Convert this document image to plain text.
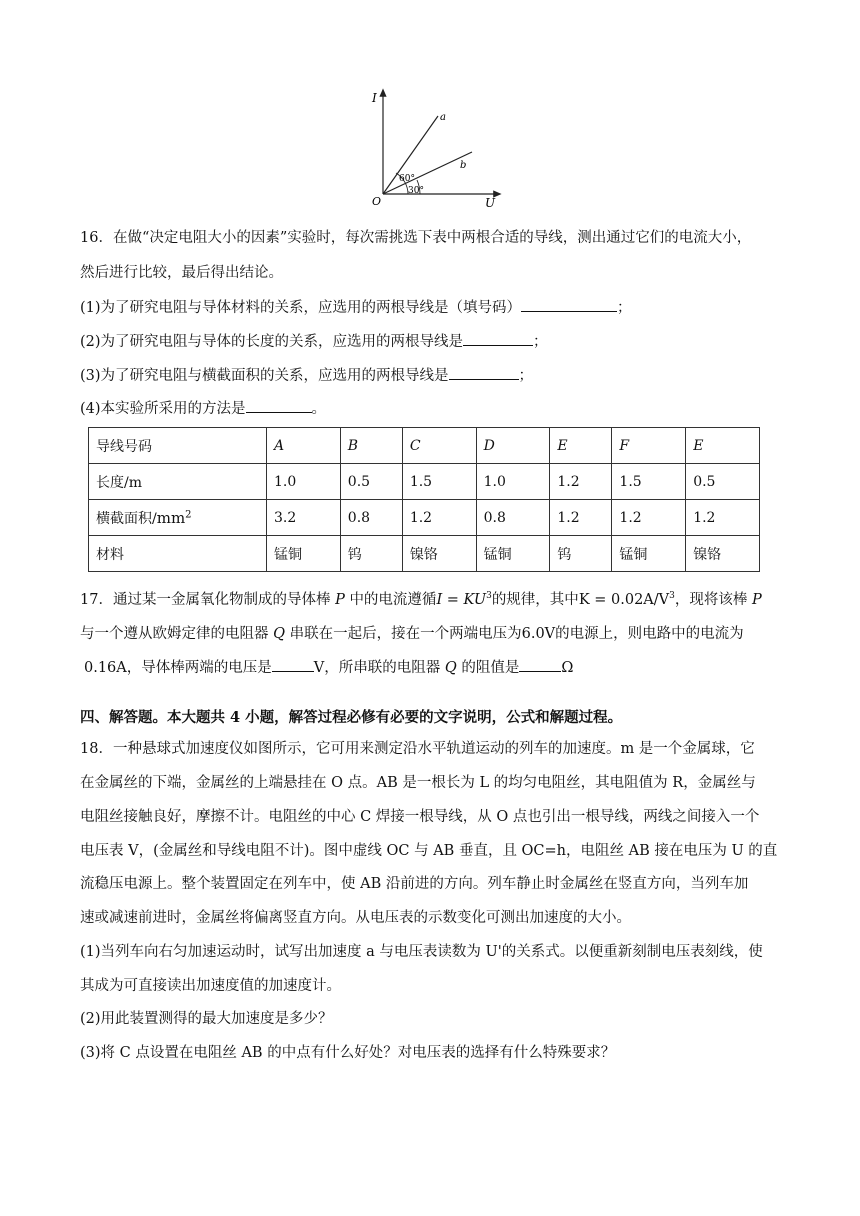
I
U
O
a
b
60°
30°
16．在做“决定电阻大小的因素”实验时，每次需挑选下表中两根合适的导线，测出通过它们的电流大小，
然后进行比较，最后得出结论。
(1)为了研究电阻与导体材料的关系，应选用的两根导线是（填号码）	；
(2)为了研究电阻与导体的长度的关系，应选用的两根导线是	；
(3)为了研究电阻与横截面积的关系，应选用的两根导线是	；
(4)本实验所采用的方法是	。
导线号码	A	B	C	D	E	F	E
长度/m	1.0	0.5	1.5	1.0	1.2	1.5	0.5
横截面积$/mm^2$	3.2	0.8	1.2	0.8	1.2	1.2	1.2
材料	锰铜	钨	镍铬	锰铜	钨	锰铜	镍铬
17．通过某一金属氧化物制成的导体棒 P 中的电流遵循$I = KU^3$的规律，其中$K = 0.02A/V^3$，现将该棒 P
与一个遵从欧姆定律的电阻器 Q 串联在一起后，接在一个两端电压为6.0V的电源上，则电路中的电流为
0.16A，导体棒两端的电压是	V，所串联的电阻器 Q 的阻值是	Ω
四、解答题。本大题共 4 小题，解答过程必修有必要的文字说明，公式和解题过程。
18．一种悬球式加速度仪如图所示，它可用来测定沿水平轨道运动的列车的加速度。m 是一个金属球，它
在金属丝的下端，金属丝的上端悬挂在 O 点。AB 是一根长为 L 的均匀电阻丝，其电阻值为 R，金属丝与
电阻丝接触良好，摩擦不计。电阻丝的中心 C 焊接一根导线，从 O 点也引出一根导线，两线之间接入一个
电压表 V，(金属丝和导线电阻不计)。图中虚线 OC 与 AB 垂直，且 OC=h，电阻丝 AB 接在电压为 U 的直
流稳压电源上。整个装置固定在列车中，使 AB 沿前进的方向。列车静止时金属丝在竖直方向，当列车加
速或减速前进时，金属丝将偏离竖直方向。从电压表的示数变化可测出加速度的大小。
(1)当列车向右匀加速运动时，试写出加速度 a 与电压表读数为 U'的关系式。以便重新刻制电压表刻线，使
其成为可直接读出加速度值的加速度计。
(2)用此装置测得的最大加速度是多少？
(3)将 C 点设置在电阻丝 AB 的中点有什么好处？对电压表的选择有什么特殊要求？
